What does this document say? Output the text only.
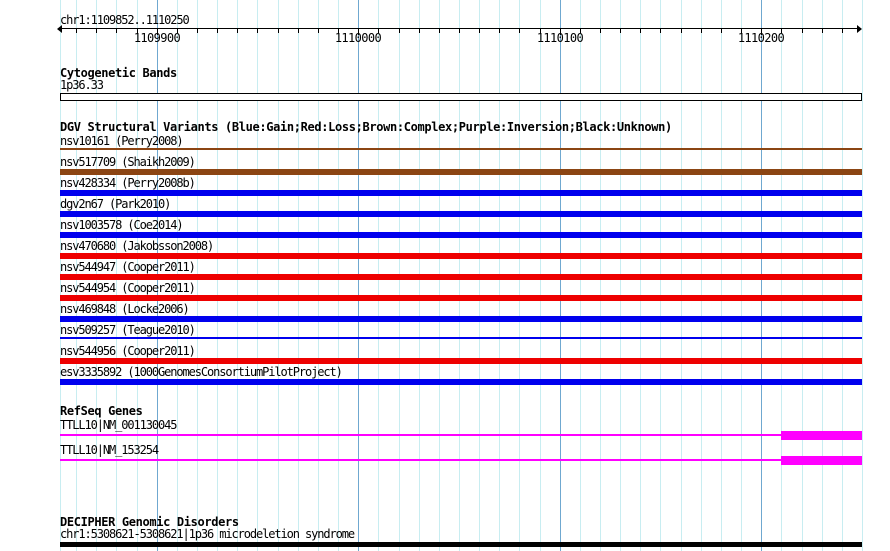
chr1:1109852..1110250
1109900	1110000	1110100	1110200
Cytogenetic Bands
1p36.33
DGV Structural Variants (Blue:Gain;Red:Loss;Brown:Complex;Purple:Inversion;Black:Unknown)
nsv10161 (Perry2008)
nsv517709 (Shaikh2009)
nsv428334 (Perry2008b)
dgv2n67 (Park2010)
nsv1003578 (Coe2014)
nsv470680 (Jakobsson2008)
nsv544947 (Cooper2011)
nsv544954 (Cooper2011)
nsv469848 (Locke2006)
nsv509257 (Teague2010)
nsv544956 (Cooper2011)
esv3335892 (1000GenomesConsortiumPilotProject)
RefSeq Genes
TTLL10|NM_001130045
TTLL10|NM_153254
DECIPHER Genomic Disorders
chr1:5308621-5308621|1p36 microdeletion syndrome
